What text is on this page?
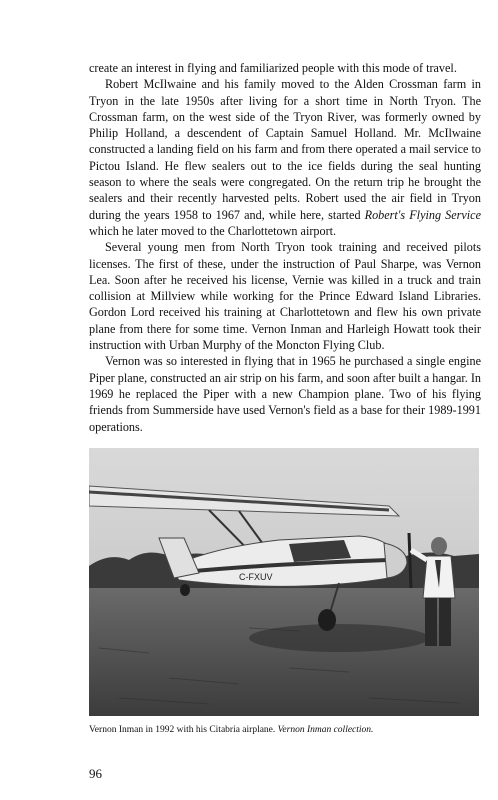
create an interest in flying and familiarized people with this mode of travel.

Robert McIlwaine and his family moved to the Alden Crossman farm in Tryon in the late 1950s after living for a short time in North Tryon. The Crossman farm, on the west side of the Tryon River, was formerly owned by Philip Holland, a descendent of Captain Samuel Holland. Mr. McIlwaine constructed a landing field on his farm and from there operated a mail service to Pictou Island. He flew sealers out to the ice fields during the seal hunting season to where the seals were congregated. On the return trip he brought the sealers and their recently harvested pelts. Robert used the air field in Tryon during the years 1958 to 1967 and, while here, started Robert's Flying Service which he later moved to the Charlottetown airport.

Several young men from North Tryon took training and received pilots licenses. The first of these, under the instruction of Paul Sharpe, was Vernon Lea. Soon after he received his license, Vernie was killed in a truck and train collision at Millview while working for the Prince Edward Island Libraries. Gordon Lord received his training at Charlottetown and flew his own private plane from there for some time. Vernon Inman and Harleigh Howatt took their instruction with Urban Murphy of the Moncton Flying Club.

Vernon was so interested in flying that in 1965 he purchased a single engine Piper plane, constructed an air strip on his farm, and soon after built a hangar. In 1969 he replaced the Piper with a new Champion plane. Two of his flying friends from Summerside have used Vernon's field as a base for their 1989-1991 operations.

C-FXUV
Vernon Inman in 1992 with his Citabria airplane. Vernon Inman collection.
96
